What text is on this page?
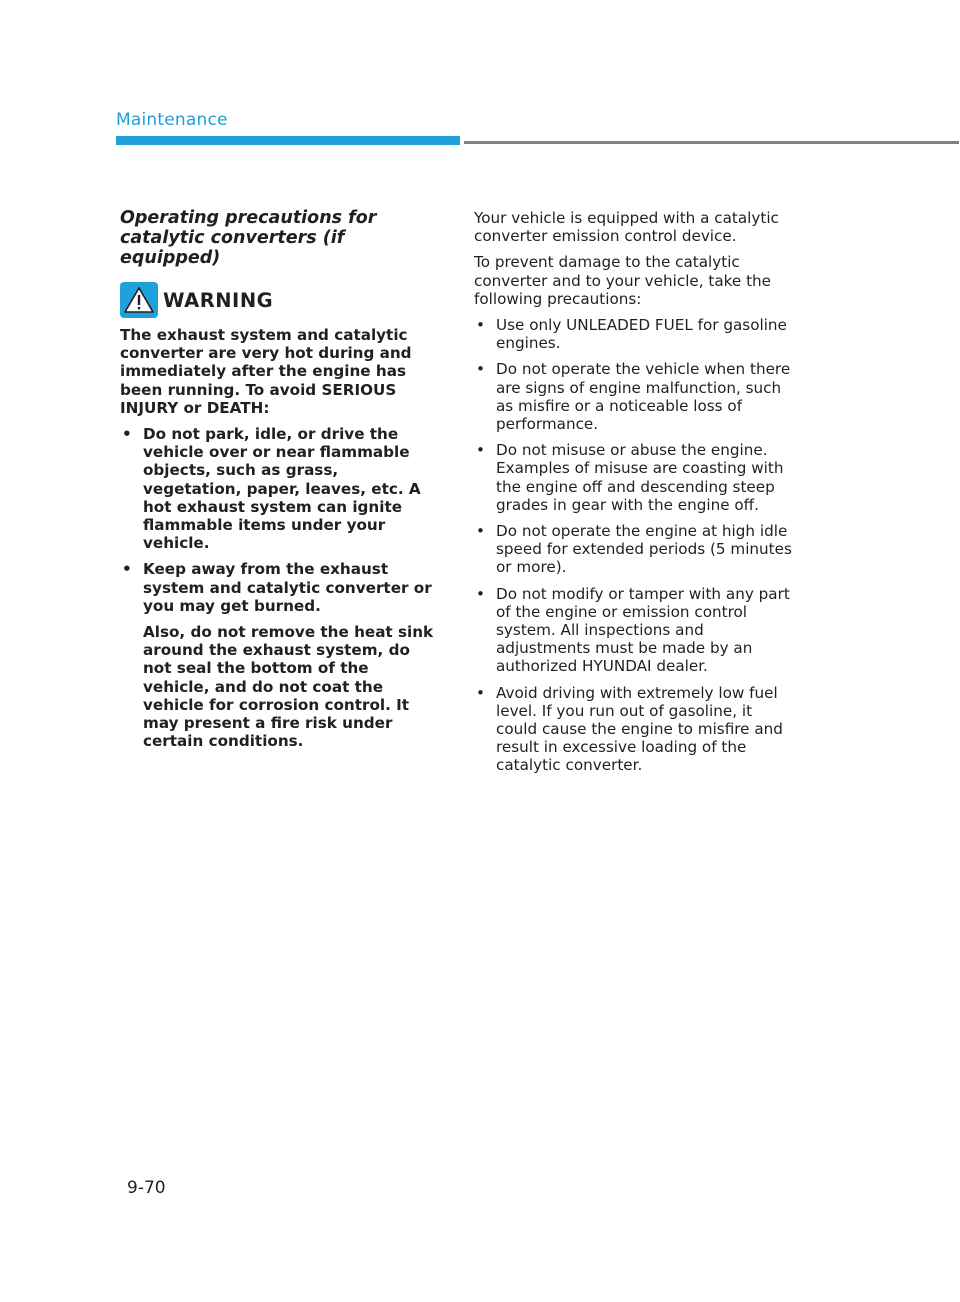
Maintenance
Operating precautions for catalytic converters (if equipped)
WARNING

The exhaust system and catalytic converter are very hot during and immediately after the engine has been running. To avoid SERIOUS INJURY or DEATH:

• Do not park, idle, or drive the vehicle over or near flammable objects, such as grass, vegetation, paper, leaves, etc. A hot exhaust system can ignite flammable items under your vehicle.
• Keep away from the exhaust system and catalytic converter or you may get burned.
Also, do not remove the heat sink around the exhaust system, do not seal the bottom of the vehicle, and do not coat the vehicle for corrosion control. It may present a fire risk under certain conditions.

Your vehicle is equipped with a catalytic converter emission control device.

To prevent damage to the catalytic converter and to your vehicle, take the following precautions:

• Use only UNLEADED FUEL for gasoline engines.
• Do not operate the vehicle when there are signs of engine malfunction, such as misfire or a noticeable loss of performance.
• Do not misuse or abuse the engine. Examples of misuse are coasting with the engine off and descending steep grades in gear with the engine off.
• Do not operate the engine at high idle speed for extended periods (5 minutes or more).
• Do not modify or tamper with any part of the engine or emission control system. All inspections and adjustments must be made by an authorized HYUNDAI dealer.
• Avoid driving with extremely low fuel level. If you run out of gasoline, it could cause the engine to misfire and result in excessive loading of the catalytic converter.
9-70
